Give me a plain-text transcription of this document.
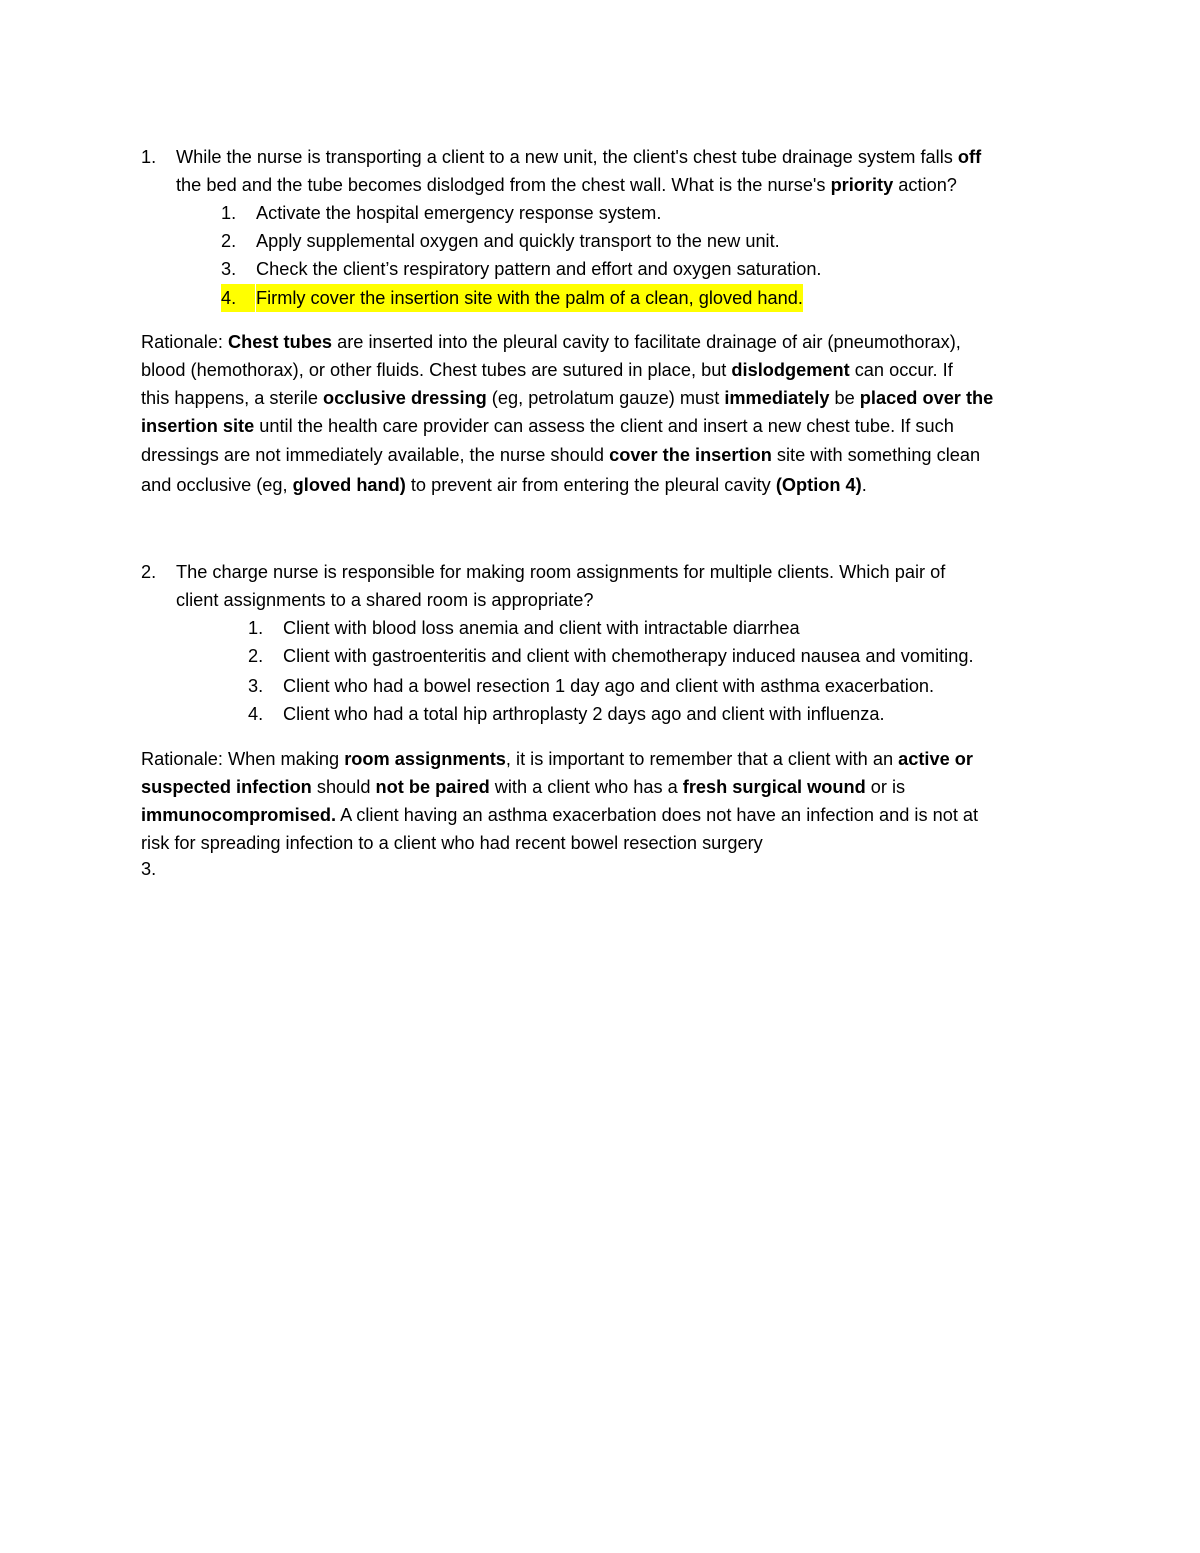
1. While the nurse is transporting a client to a new unit, the client's chest tube drainage system falls off
the bed and the tube becomes dislodged from the chest wall. What is the nurse's priority action?
1. Activate the hospital emergency response system.
2. Apply supplemental oxygen and quickly transport to the new unit.
3. Check the client’s respiratory pattern and effort and oxygen saturation.
4.	Firmly cover the insertion site with the palm of a clean, gloved hand.
Rationale: Chest tubes are inserted into the pleural cavity to facilitate drainage of air (pneumothorax),
blood (hemothorax), or other fluids. Chest tubes are sutured in place, but dislodgement can occur. If
this happens, a sterile occlusive dressing (eg, petrolatum gauze) must immediately be placed over the
insertion site until the health care provider can assess the client and insert a new chest tube. If such
dressings are not immediately available, the nurse should cover the insertion site with something clean
and occlusive (eg, gloved hand) to prevent air from entering the pleural cavity (Option 4).
2. The charge nurse is responsible for making room assignments for multiple clients. Which pair of
client assignments to a shared room is appropriate?
1. Client with blood loss anemia and client with intractable diarrhea
2. Client with gastroenteritis and client with chemotherapy induced nausea and vomiting.
3. Client who had a bowel resection 1 day ago and client with asthma exacerbation.
4. Client who had a total hip arthroplasty 2 days ago and client with influenza.
Rationale: When making room assignments, it is important to remember that a client with an active or
suspected infection should not be paired with a client who has a fresh surgical wound or is
immunocompromised. A client having an asthma exacerbation does not have an infection and is not at
risk for spreading infection to a client who had recent bowel resection surgery
3.
